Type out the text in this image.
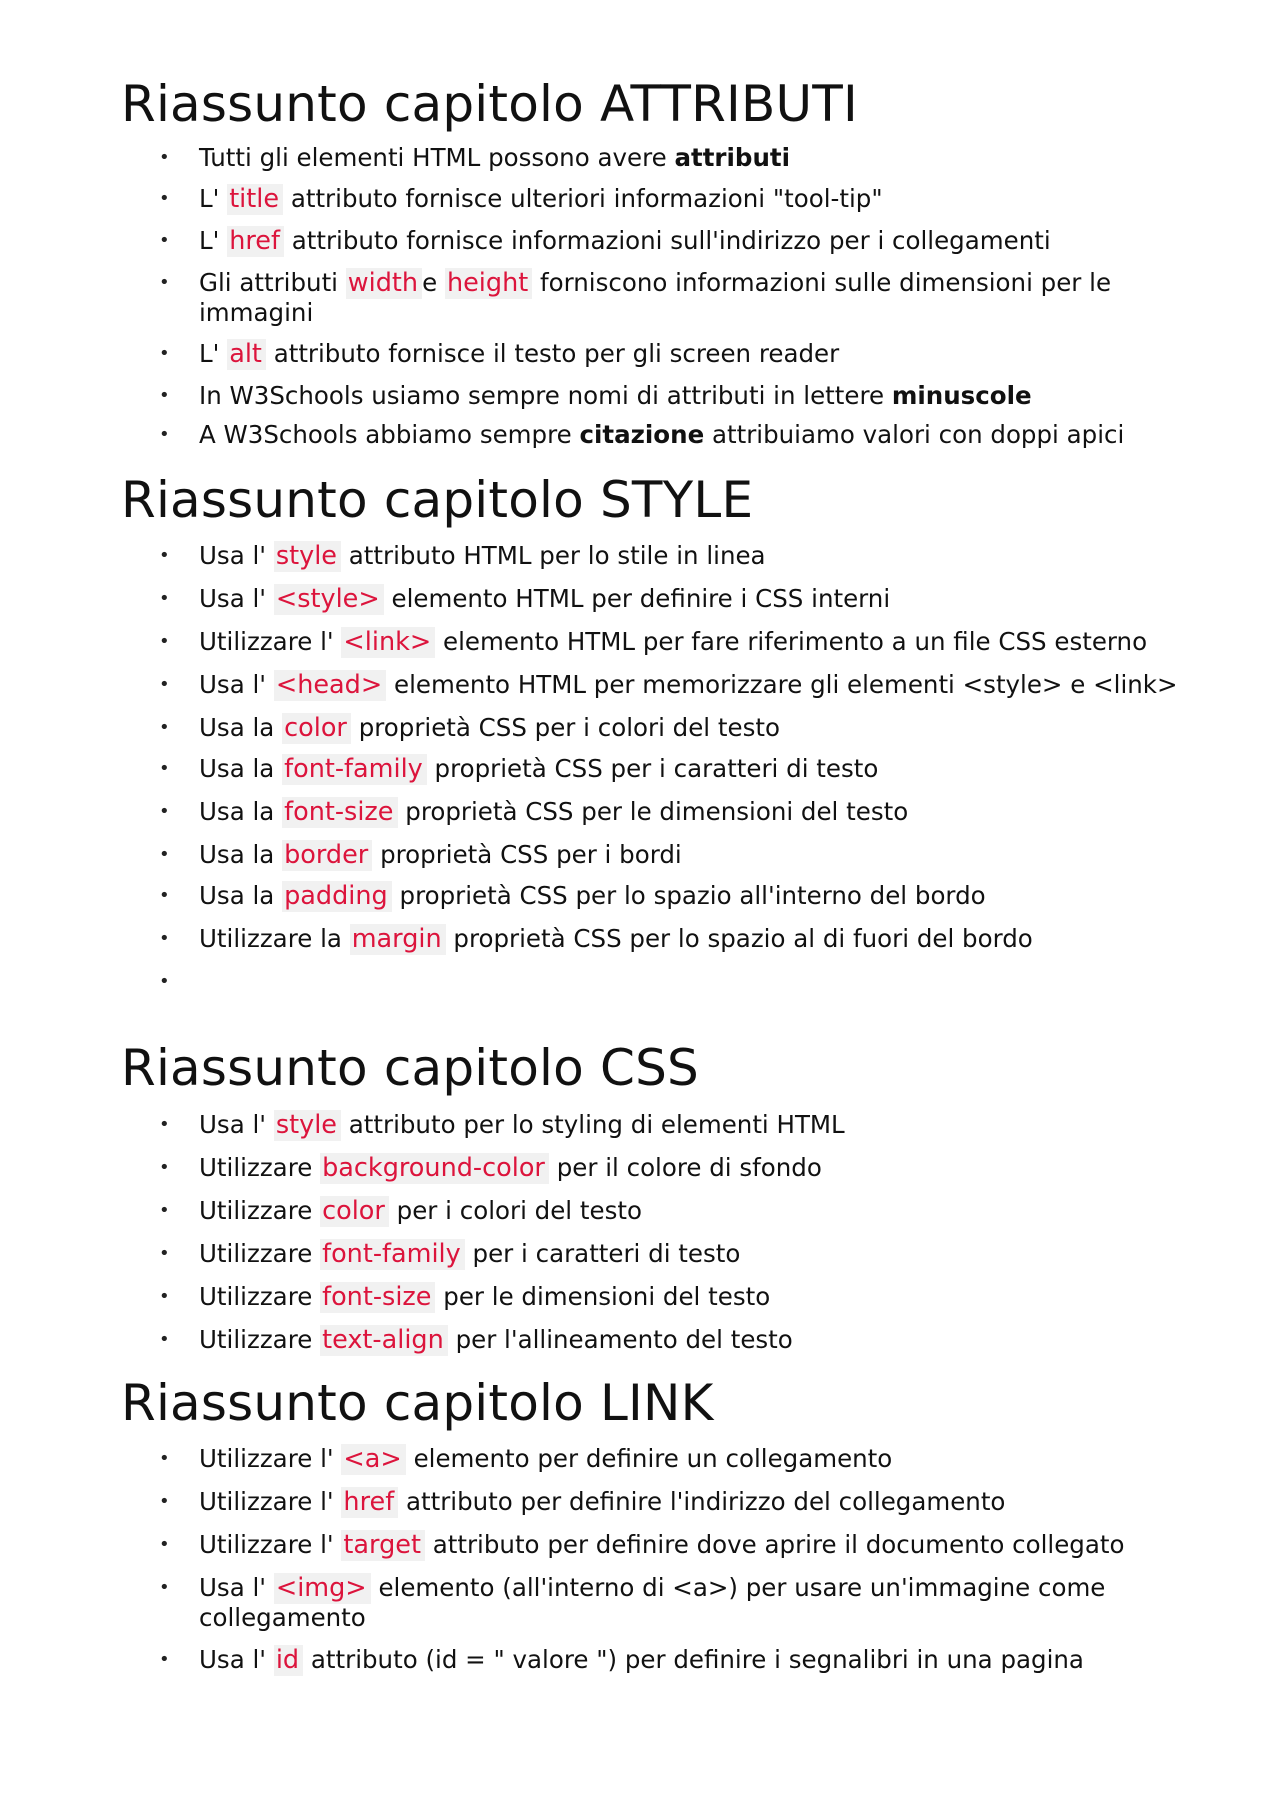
Riassunto capitolo ATTRIBUTI
• Tutti gli elementi HTML possono avere attributi
• L' title attributo fornisce ulteriori informazioni "tool-tip"
• L' href attributo fornisce informazioni sull'indirizzo per i collegamenti
• Gli attributi width e height forniscono informazioni sulle dimensioni per le immagini
• L' alt attributo fornisce il testo per gli screen reader
• In W3Schools usiamo sempre nomi di attributi in lettere minuscole
• A W3Schools abbiamo sempre citazione attribuiamo valori con doppi apici
Riassunto capitolo STYLE
• Usa l' style attributo HTML per lo stile in linea
• Usa l' <style> elemento HTML per definire i CSS interni
• Utilizzare l' <link> elemento HTML per fare riferimento a un file CSS esterno
• Usa l' <head> elemento HTML per memorizzare gli elementi <style> e <link>
• Usa la color proprietà CSS per i colori del testo
• Usa la font-family proprietà CSS per i caratteri di testo
• Usa la font-size proprietà CSS per le dimensioni del testo
• Usa la border proprietà CSS per i bordi
• Usa la padding proprietà CSS per lo spazio all'interno del bordo
• Utilizzare la margin proprietà CSS per lo spazio al di fuori del bordo
•
Riassunto capitolo CSS
• Usa l' style attributo per lo styling di elementi HTML
• Utilizzare background-color per il colore di sfondo
• Utilizzare color per i colori del testo
• Utilizzare font-family per i caratteri di testo
• Utilizzare font-size per le dimensioni del testo
• Utilizzare text-align per l'allineamento del testo
Riassunto capitolo LINK
• Utilizzare l' <a> elemento per definire un collegamento
• Utilizzare l' href attributo per definire l'indirizzo del collegamento
• Utilizzare l' target attributo per definire dove aprire il documento collegato
• Usa l' <img> elemento (all'interno di <a>) per usare un'immagine come collegamento
• Usa l' id attributo (id = " valore ") per definire i segnalibri in una pagina
